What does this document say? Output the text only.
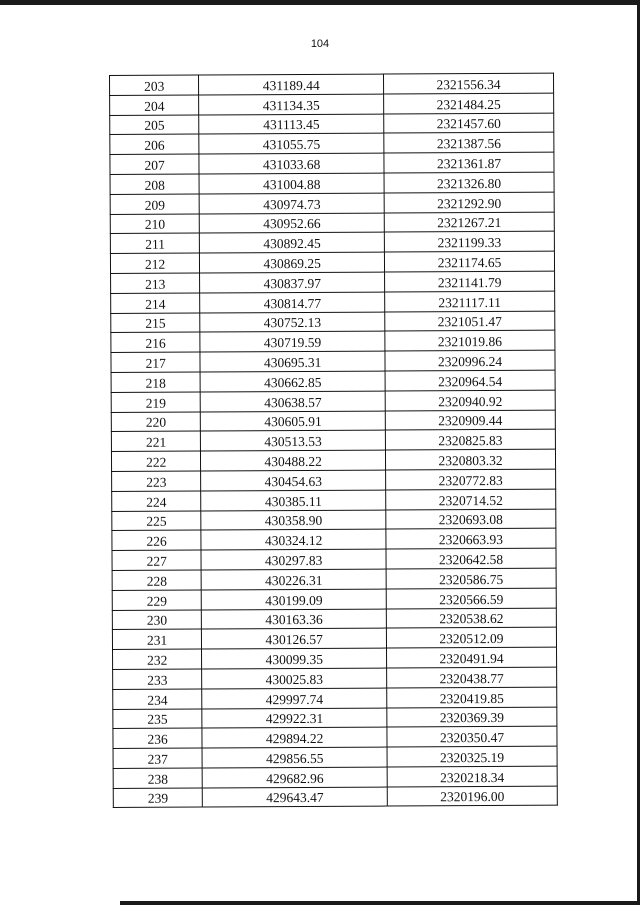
104
203	431189.44	2321556.34
204	431134.35	2321484.25
205	431113.45	2321457.60
206	431055.75	2321387.56
207	431033.68	2321361.87
208	431004.88	2321326.80
209	430974.73	2321292.90
210	430952.66	2321267.21
211	430892.45	2321199.33
212	430869.25	2321174.65
213	430837.97	2321141.79
214	430814.77	2321117.11
215	430752.13	2321051.47
216	430719.59	2321019.86
217	430695.31	2320996.24
218	430662.85	2320964.54
219	430638.57	2320940.92
220	430605.91	2320909.44
221	430513.53	2320825.83
222	430488.22	2320803.32
223	430454.63	2320772.83
224	430385.11	2320714.52
225	430358.90	2320693.08
226	430324.12	2320663.93
227	430297.83	2320642.58
228	430226.31	2320586.75
229	430199.09	2320566.59
230	430163.36	2320538.62
231	430126.57	2320512.09
232	430099.35	2320491.94
233	430025.83	2320438.77
234	429997.74	2320419.85
235	429922.31	2320369.39
236	429894.22	2320350.47
237	429856.55	2320325.19
238	429682.96	2320218.34
239	429643.47	2320196.00
